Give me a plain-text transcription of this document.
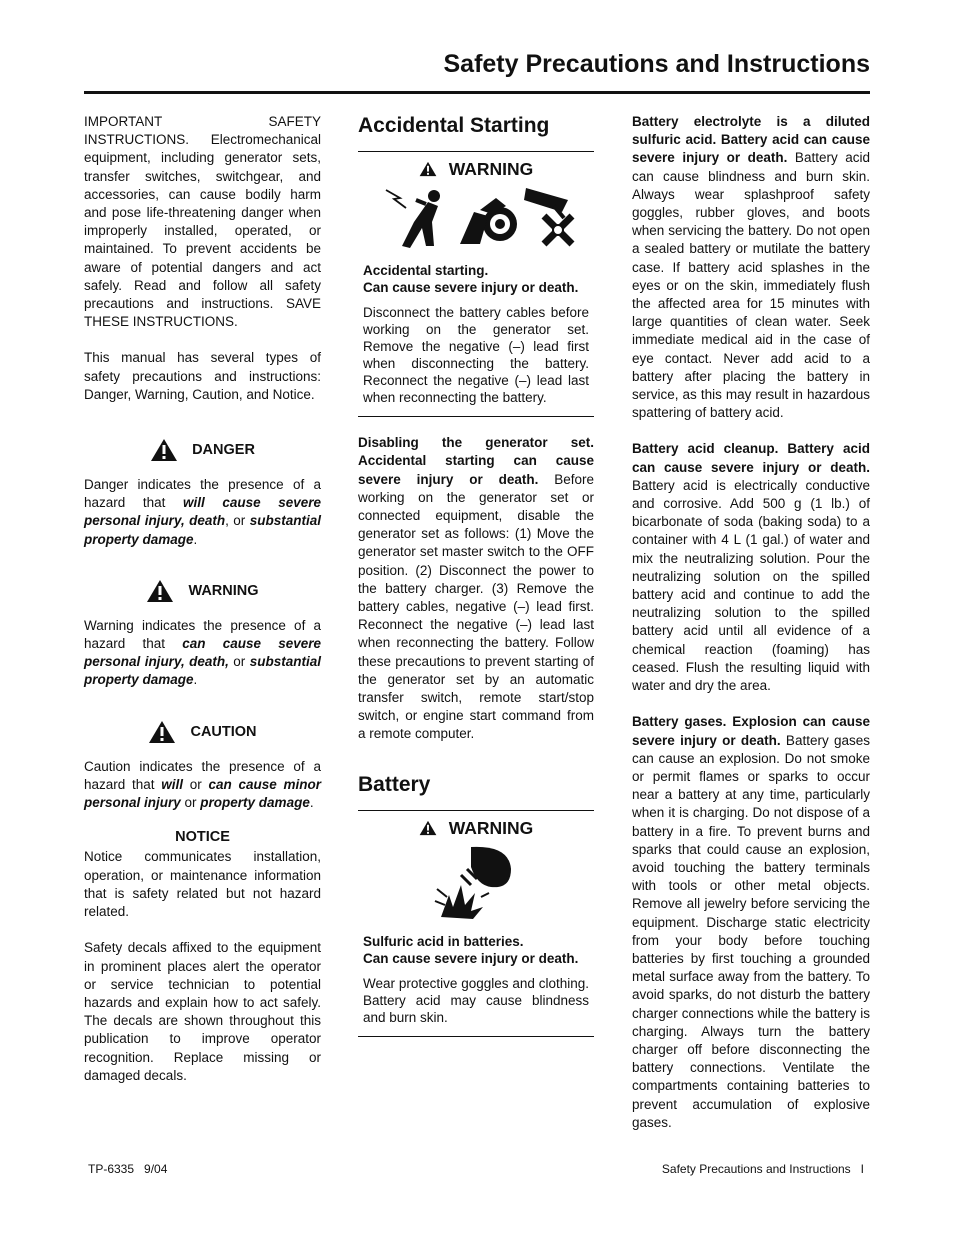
Safety Precautions and Instructions

IMPORTANT SAFETY INSTRUCTIONS. Electromechanical equipment, including generator sets, transfer switches, switchgear, and accessories, can cause bodily harm and pose life-threatening danger when improperly installed, operated, or maintained. To prevent accidents be aware of potential dangers and act safely. Read and follow all safety precautions and instructions. SAVE THESE INSTRUCTIONS.

This manual has several types of safety precautions and instructions: Danger, Warning, Caution, and Notice.

DANGER

Danger indicates the presence of a hazard that will cause severe personal injury, death, or substantial property damage.

WARNING

Warning indicates the presence of a hazard that can cause severe personal injury, death, or substantial property damage.

CAUTION

Caution indicates the presence of a hazard that will or can cause minor personal injury or property damage.

NOTICE

Notice communicates installation, operation, or maintenance information that is safety related but not hazard related.

Safety decals affixed to the equipment in prominent places alert the operator or service technician to potential hazards and explain how to act safely. The decals are shown throughout this publication to improve operator recognition. Replace missing or damaged decals.

Accidental Starting
WARNING
Accidental starting.
Can cause severe injury or death.
Disconnect the battery cables before working on the generator set. Remove the negative (–) lead first when disconnecting the battery. Reconnect the negative (–) lead last when reconnecting the battery.

Disabling the generator set. Accidental starting can cause severe injury or death. Before working on the generator set or connected equipment, disable the generator set as follows: (1) Move the generator set master switch to the OFF position. (2) Disconnect the power to the battery charger. (3) Remove the battery cables, negative (–) lead first. Reconnect the negative (–) lead last when reconnecting the battery. Follow these precautions to prevent starting of the generator set by an automatic transfer switch, remote start/stop switch, or engine start command from a remote computer.

Battery
WARNING
Sulfuric acid in batteries.
Can cause severe injury or death.
Wear protective goggles and clothing. Battery acid may cause blindness and burn skin.

Battery electrolyte is a diluted sulfuric acid. Battery acid can cause severe injury or death. Battery acid can cause blindness and burn skin. Always wear splashproof safety goggles, rubber gloves, and boots when servicing the battery. Do not open a sealed battery or mutilate the battery case. If battery acid splashes in the eyes or on the skin, immediately flush the affected area for 15 minutes with large quantities of clean water. Seek immediate medical aid in the case of eye contact. Never add acid to a battery after placing the battery in service, as this may result in hazardous spattering of battery acid.

Battery acid cleanup. Battery acid can cause severe injury or death. Battery acid is electrically conductive and corrosive. Add 500 g (1 lb.) of bicarbonate of soda (baking soda) to a container with 4 L (1 gal.) of water and mix the neutralizing solution. Pour the neutralizing solution on the spilled battery acid and continue to add the neutralizing solution to the spilled battery acid until all evidence of a chemical reaction (foaming) has ceased. Flush the resulting liquid with water and dry the area.

Battery gases. Explosion can cause severe injury or death. Battery gases can cause an explosion. Do not smoke or permit flames or sparks to occur near a battery at any time, particularly when it is charging. Do not dispose of a battery in a fire. To prevent burns and sparks that could cause an explosion, avoid touching the battery terminals with tools or other metal objects. Remove all jewelry before servicing the equipment. Discharge static electricity from your body before touching batteries by first touching a grounded metal surface away from the battery. To avoid sparks, do not disturb the battery charger connections while the battery is charging. Always turn the battery charger off before disconnecting the battery connections. Ventilate the compartments containing batteries to prevent accumulation of explosive gases.

TP-6335   9/04	Safety Precautions and Instructions   I
